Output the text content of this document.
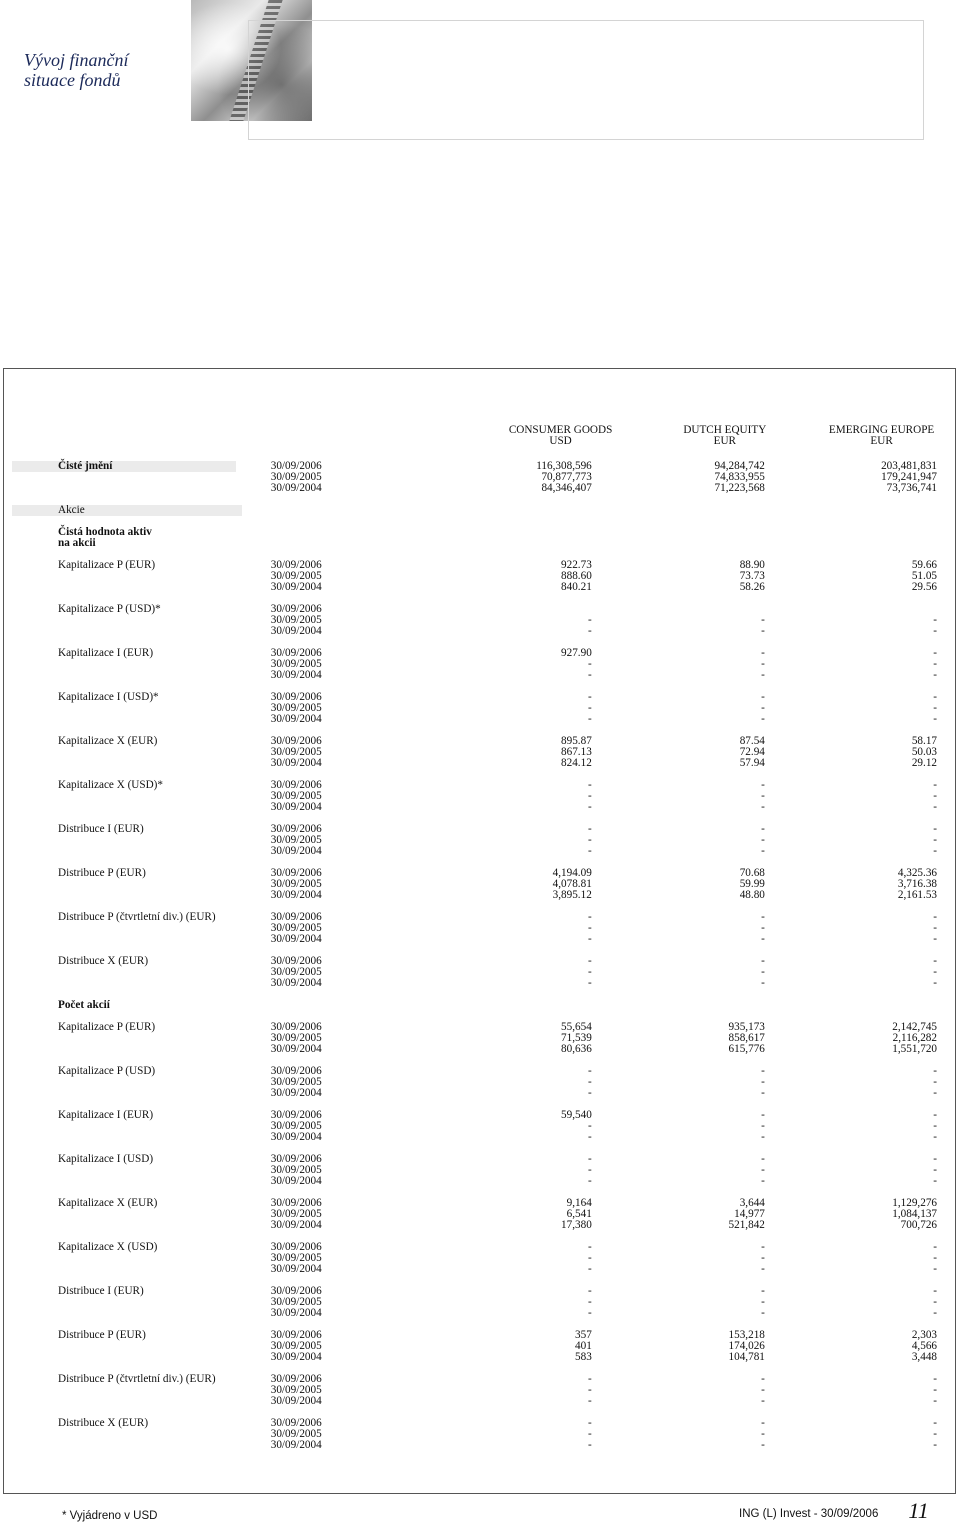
Vývoj finanční
situace fondů
CONSUMER GOODS	DUTCH EQUITY	EMERGING EUROPE
USD	EUR	EUR
Čisté jmění	30/09/2006	116,308,596	94,284,742	203,481,831
30/09/2005	70,877,773	74,833,955	179,241,947
30/09/2004	84,346,407	71,223,568	73,736,741
Akcie
Čistá hodnota aktiv
na akcii
Kapitalizace P (EUR)	30/09/2006	922.73	88.90	59.66
30/09/2005	888.60	73.73	51.05
30/09/2004	840.21	58.26	29.56
Kapitalizace P (USD)*	30/09/2006
30/09/2005	-	-	-
30/09/2004	-	-	-
Kapitalizace I (EUR)	30/09/2006	927.90	-	-
30/09/2005	-	-	-
30/09/2004	-	-	-
Kapitalizace I (USD)*	30/09/2006	-	-	-
30/09/2005	-	-	-
30/09/2004	-	-	-
Kapitalizace X (EUR)	30/09/2006	895.87	87.54	58.17
30/09/2005	867.13	72.94	50.03
30/09/2004	824.12	57.94	29.12
Kapitalizace X (USD)*	30/09/2006	-	-	-
30/09/2005	-	-	-
30/09/2004	-	-	-
Distribuce I (EUR)	30/09/2006	-	-	-
30/09/2005	-	-	-
30/09/2004	-	-	-
Distribuce P (EUR)	30/09/2006	4,194.09	70.68	4,325.36
30/09/2005	4,078.81	59.99	3,716.38
30/09/2004	3,895.12	48.80	2,161.53
Distribuce P (čtvrtletní div.) (EUR)	30/09/2006	-	-	-
30/09/2005	-	-	-
30/09/2004	-	-	-
Distribuce X (EUR)	30/09/2006	-	-	-
30/09/2005	-	-	-
30/09/2004	-	-	-
Počet akcií
Kapitalizace P (EUR)	30/09/2006	55,654	935,173	2,142,745
30/09/2005	71,539	858,617	2,116,282
30/09/2004	80,636	615,776	1,551,720
Kapitalizace P (USD)	30/09/2006	-	-	-
30/09/2005	-	-	-
30/09/2004	-	-	-
Kapitalizace I (EUR)	30/09/2006	59,540	-	-
30/09/2005	-	-	-
30/09/2004	-	-	-
Kapitalizace I (USD)	30/09/2006	-	-	-
30/09/2005	-	-	-
30/09/2004	-	-	-
Kapitalizace X (EUR)	30/09/2006	9,164	3,644	1,129,276
30/09/2005	6,541	14,977	1,084,137
30/09/2004	17,380	521,842	700,726
Kapitalizace X (USD)	30/09/2006	-	-	-
30/09/2005	-	-	-
30/09/2004	-	-	-
Distribuce I (EUR)	30/09/2006	-	-	-
30/09/2005	-	-	-
30/09/2004	-	-	-
Distribuce P (EUR)	30/09/2006	357	153,218	2,303
30/09/2005	401	174,026	4,566
30/09/2004	583	104,781	3,448
Distribuce P (čtvrtletní div.) (EUR)	30/09/2006	-	-	-
30/09/2005	-	-	-
30/09/2004	-	-	-
Distribuce X (EUR)	30/09/2006	-	-	-
30/09/2005	-	-	-
30/09/2004	-	-	-
* Vyjádreno v USD	ING (L) Invest - 30/09/2006 11
